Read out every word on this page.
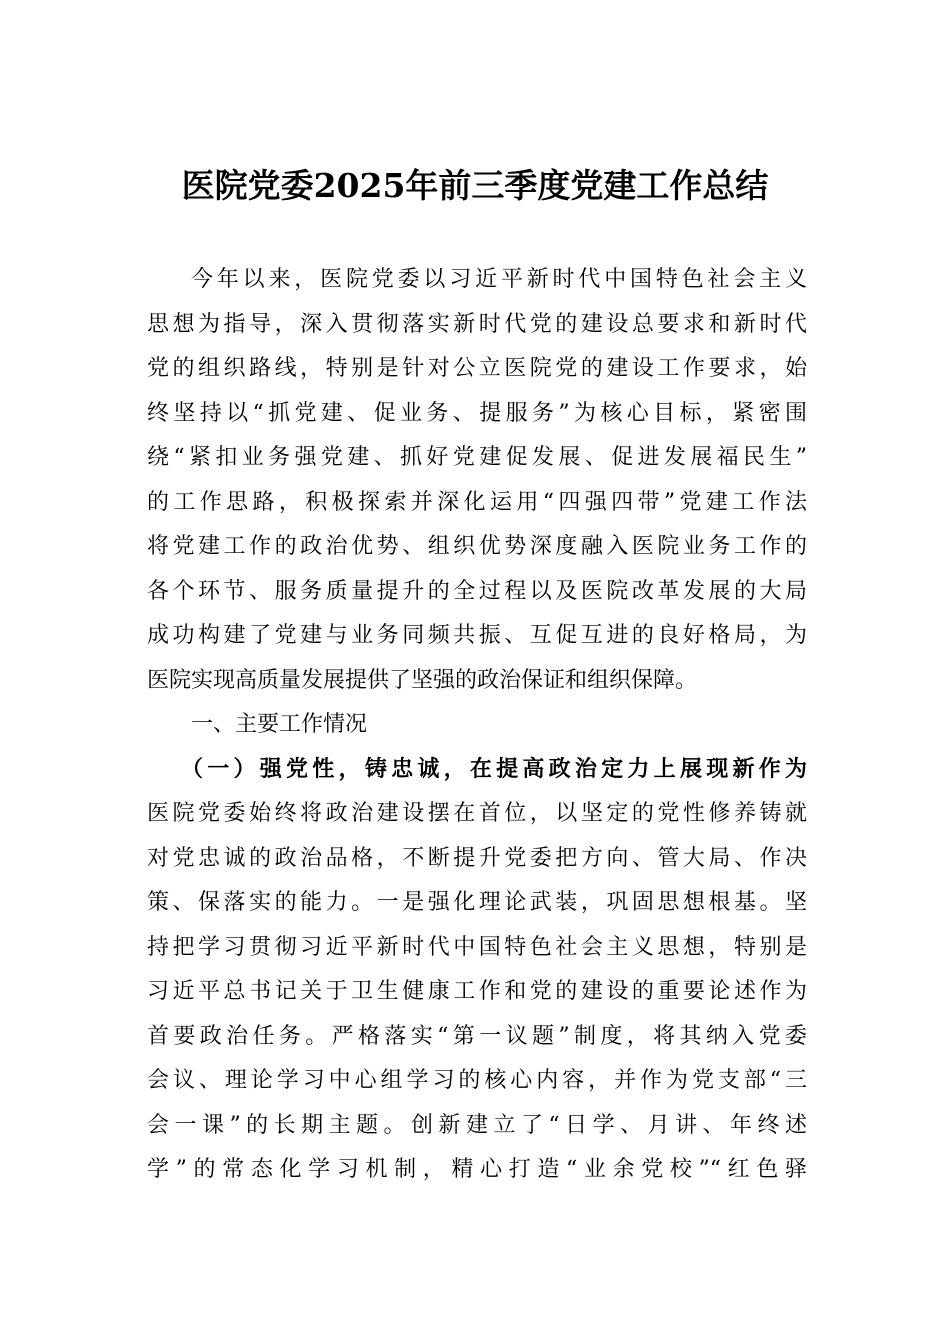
医院党委2025年前三季度党建工作总结

今年以来，医院党委以习近平新时代中国特色社会主义
思想为指导，深入贯彻落实新时代党的建设总要求和新时代
党的组织路线，特别是针对公立医院党的建设工作要求，始
终坚持以“抓党建、促业务、提服务”为核心目标，紧密围
绕“紧扣业务强党建、抓好党建促发展、促进发展福民生”
的工作思路，积极探索并深化运用“四强四带”党建工作法
将党建工作的政治优势、组织优势深度融入医院业务工作的
各个环节、服务质量提升的全过程以及医院改革发展的大局
成功构建了党建与业务同频共振、互促互进的良好格局，为
医院实现高质量发展提供了坚强的政治保证和组织保障。

一、主要工作情况

（一）强党性，铸忠诚，在提高政治定力上展现新作为

医院党委始终将政治建设摆在首位，以坚定的党性修养铸就
对党忠诚的政治品格，不断提升党委把方向、管大局、作决
策、保落实的能力。一是强化理论武装，巩固思想根基。坚
持把学习贯彻习近平新时代中国特色社会主义思想，特别是
习近平总书记关于卫生健康工作和党的建设的重要论述作为
首要政治任务。严格落实“第一议题”制度，将其纳入党委
会议、理论学习中心组学习的核心内容，并作为党支部“三
会一课”的长期主题。创新建立了“日学、月讲、年终述
学”的常态化学习机制，精心打造“业余党校”“红色驿
